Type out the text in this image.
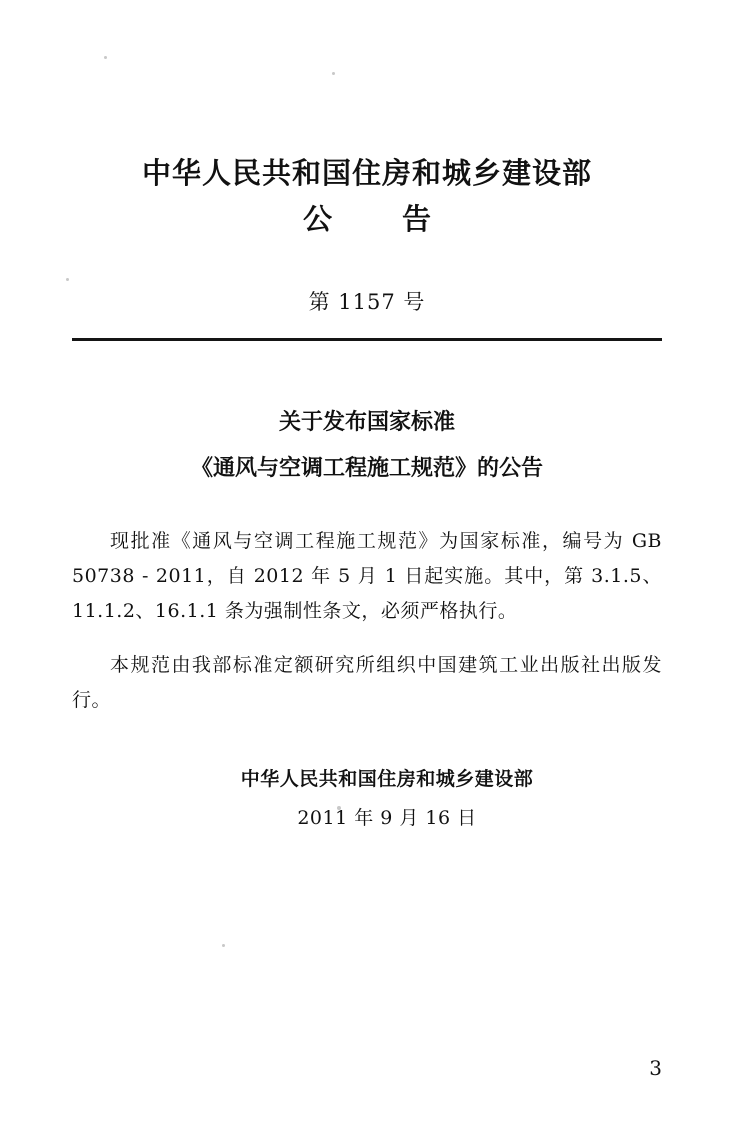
中华人民共和国住房和城乡建设部
公 告
第 1157 号
关于发布国家标准
《通风与空调工程施工规范》的公告

现批准《通风与空调工程施工规范》为国家标准，编号为 GB 50738 - 2011，自 2012 年 5 月 1 日起实施。其中，第 3.1.5、11.1.2、16.1.1 条为强制性条文，必须严格执行。

本规范由我部标准定额研究所组织中国建筑工业出版社出版发行。

中华人民共和国住房和城乡建设部
2011 年 9 月 16 日
3
